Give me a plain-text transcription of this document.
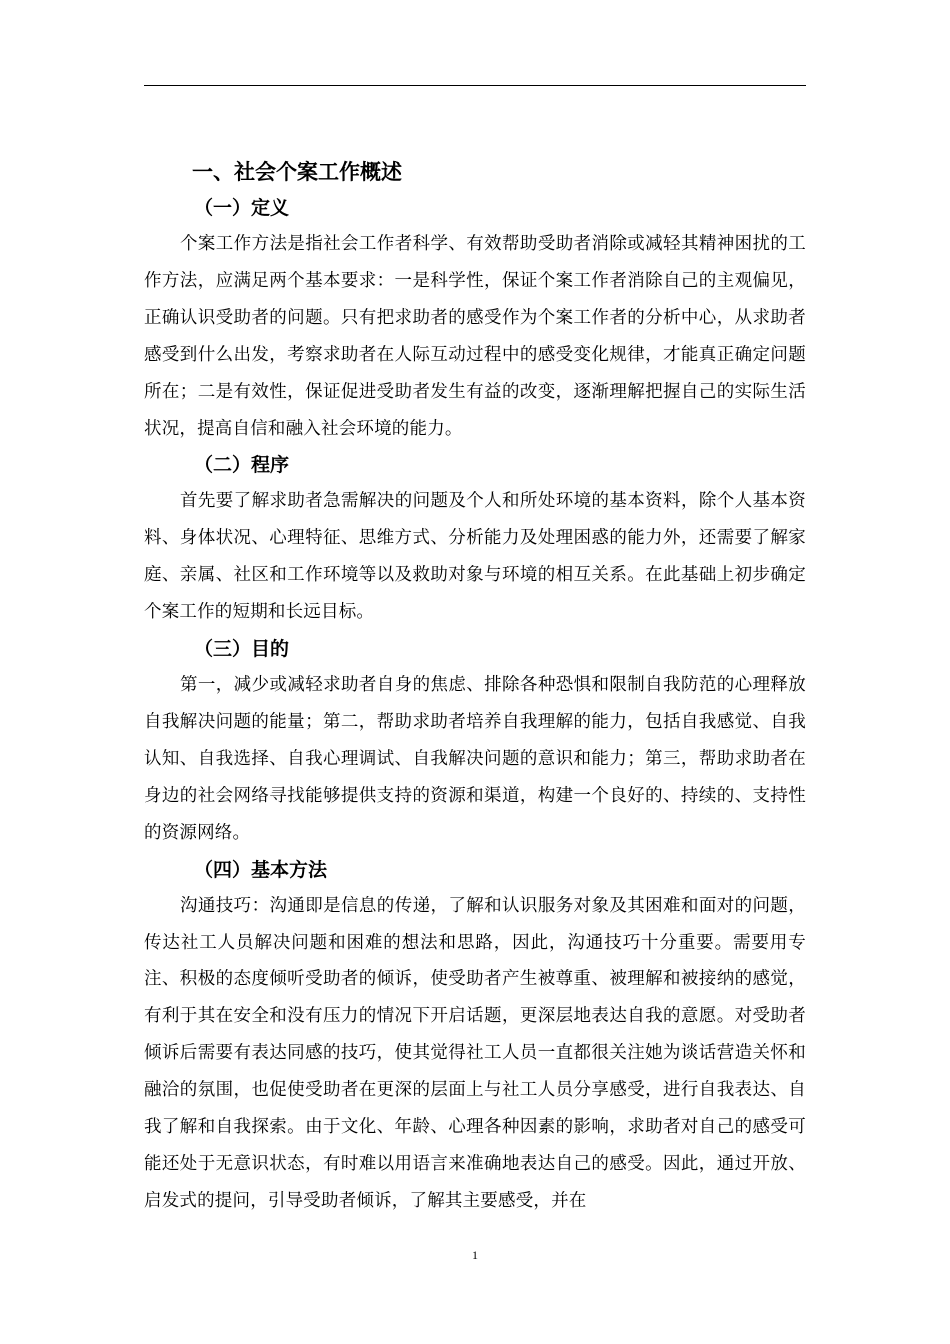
一、社会个案工作概述
（一）定义

个案工作方法是指社会工作者科学、有效帮助受助者消除或减轻其精神困扰的工作方法，应满足两个基本要求：一是科学性，保证个案工作者消除自己的主观偏见，正确认识受助者的问题。只有把求助者的感受作为个案工作者的分析中心，从求助者感受到什么出发，考察求助者在人际互动过程中的感受变化规律，才能真正确定问题所在；二是有效性，保证促进受助者发生有益的改变，逐渐理解把握自己的实际生活状况，提高自信和融入社会环境的能力。

（二）程序

首先要了解求助者急需解决的问题及个人和所处环境的基本资料，除个人基本资料、身体状况、心理特征、思维方式、分析能力及处理困惑的能力外，还需要了解家庭、亲属、社区和工作环境等以及救助对象与环境的相互关系。在此基础上初步确定个案工作的短期和长远目标。

（三）目的

第一，减少或减轻求助者自身的焦虑、排除各种恐惧和限制自我防范的心理释放自我解决问题的能量；第二，帮助求助者培养自我理解的能力，包括自我感觉、自我认知、自我选择、自我心理调试、自我解决问题的意识和能力；第三，帮助求助者在身边的社会网络寻找能够提供支持的资源和渠道，构建一个良好的、持续的、支持性的资源网络。

（四）基本方法

沟通技巧：沟通即是信息的传递，了解和认识服务对象及其困难和面对的问题，传达社工人员解决问题和困难的想法和思路，因此，沟通技巧十分重要。需要用专注、积极的态度倾听受助者的倾诉，使受助者产生被尊重、被理解和被接纳的感觉，有利于其在安全和没有压力的情况下开启话题，更深层地表达自我的意愿。对受助者倾诉后需要有表达同感的技巧，使其觉得社工人员一直都很关注她为谈话营造关怀和融洽的氛围，也促使受助者在更深的层面上与社工人员分享感受，进行自我表达、自我了解和自我探索。由于文化、年龄、心理各种因素的影响，求助者对自己的感受可能还处于无意识状态，有时难以用语言来准确地表达自己的感受。因此，通过开放、启发式的提问，引导受助者倾诉，了解其主要感受，并在

1
